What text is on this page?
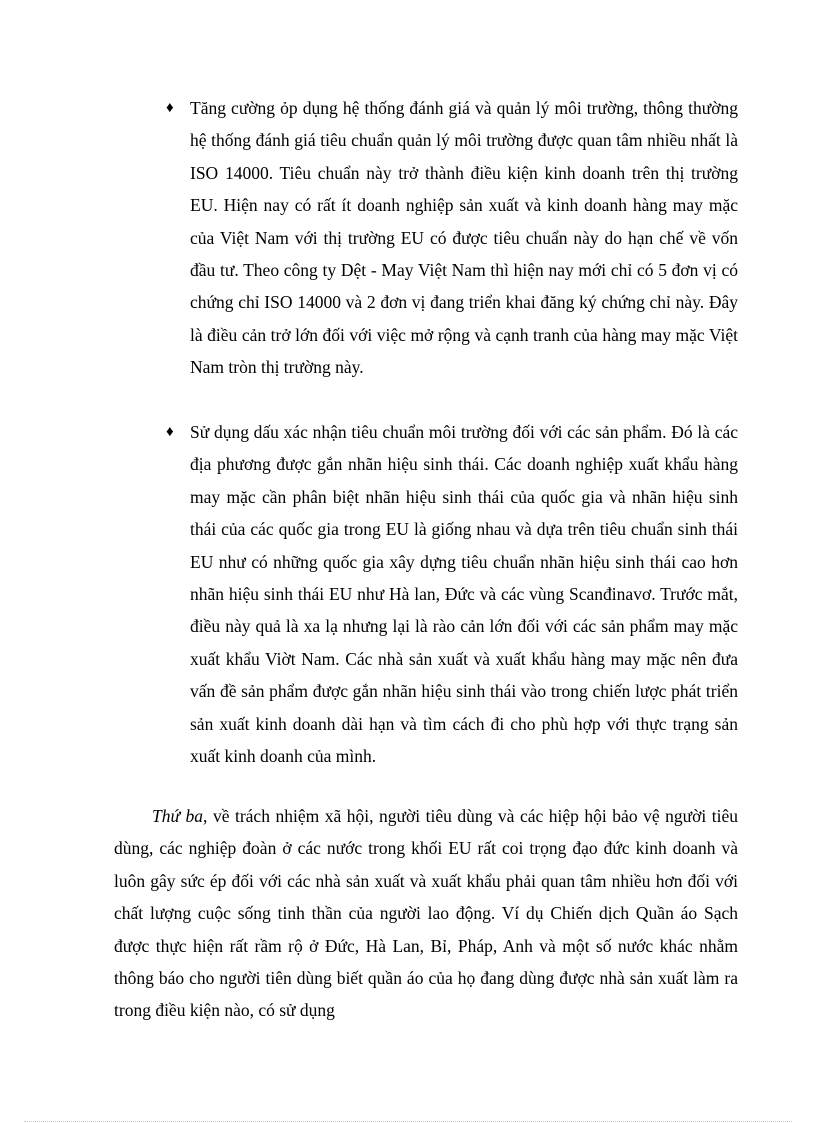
♦ Tăng cường ỏp dụng hệ thống đánh giá và quản lý môi trường, thông thường hệ thống đánh giá tiêu chuẩn quản lý môi trường được quan tâm nhiều nhất là ISO 14000. Tiêu chuẩn này trở thành điều kiện kinh doanh trên thị trường EU. Hiện nay có rất ít doanh nghiệp sản xuất và kinh doanh hàng may mặc của Việt Nam với thị trường EU có được tiêu chuẩn này do hạn chế về vốn đầu tư. Theo công ty Dệt - May Việt Nam thì hiện nay mới chỉ có 5 đơn vị có chứng chỉ ISO 14000 và 2 đơn vị đang triển khai đăng ký chứng chỉ này. Đây là điều cản trở lớn đối với việc mở rộng và cạnh tranh của hàng may mặc Việt Nam tròn thị trường này.
♦ Sử dụng dấu xác nhận tiêu chuẩn môi trường đối với các sản phẩm. Đó là các địa phương được gắn nhãn hiệu sinh thái. Các doanh nghiệp xuất khẩu hàng may mặc cần phân biệt nhãn hiệu sinh thái của quốc gia và nhãn hiệu sinh thái của các quốc gia trong EU là giống nhau và dựa trên tiêu chuẩn sinh thái EU như có những quốc gia xây dựng tiêu chuẩn nhãn hiệu sinh thái cao hơn nhãn hiệu sinh thái EU như Hà lan, Đức và các vùng Scanđinavơ. Trước mắt, điều này quả là xa lạ nhưng lại là rào cản lớn đối với các sản phẩm may mặc xuất khẩu Viờt Nam. Các nhà sản xuất và xuất khẩu hàng may mặc nên đưa vấn đề sản phẩm được gắn nhãn hiệu sinh thái vào trong chiến lược phát triển sản xuất kinh doanh dài hạn và tìm cách đi cho phù hợp với thực trạng sản xuất kinh doanh của mình.

Thứ ba, về trách nhiệm xã hội, người tiêu dùng và các hiệp hội bảo vệ người tiêu dùng, các nghiệp đoàn ở các nước trong khối EU rất coi trọng đạo đức kinh doanh và luôn gây sức ép đối với các nhà sản xuất và xuất khẩu phải quan tâm nhiều hơn đối với chất lượng cuộc sống tinh thần của người lao động. Ví dụ Chiến dịch Quần áo Sạch được thực hiện rất rầm rộ ở Đức, Hà Lan, Bỉ, Pháp, Anh và một số nước khác nhằm thông báo cho người tiên dùng biết quần áo của họ đang dùng được nhà sản xuất làm ra trong điều kiện nào, có sử dụng
